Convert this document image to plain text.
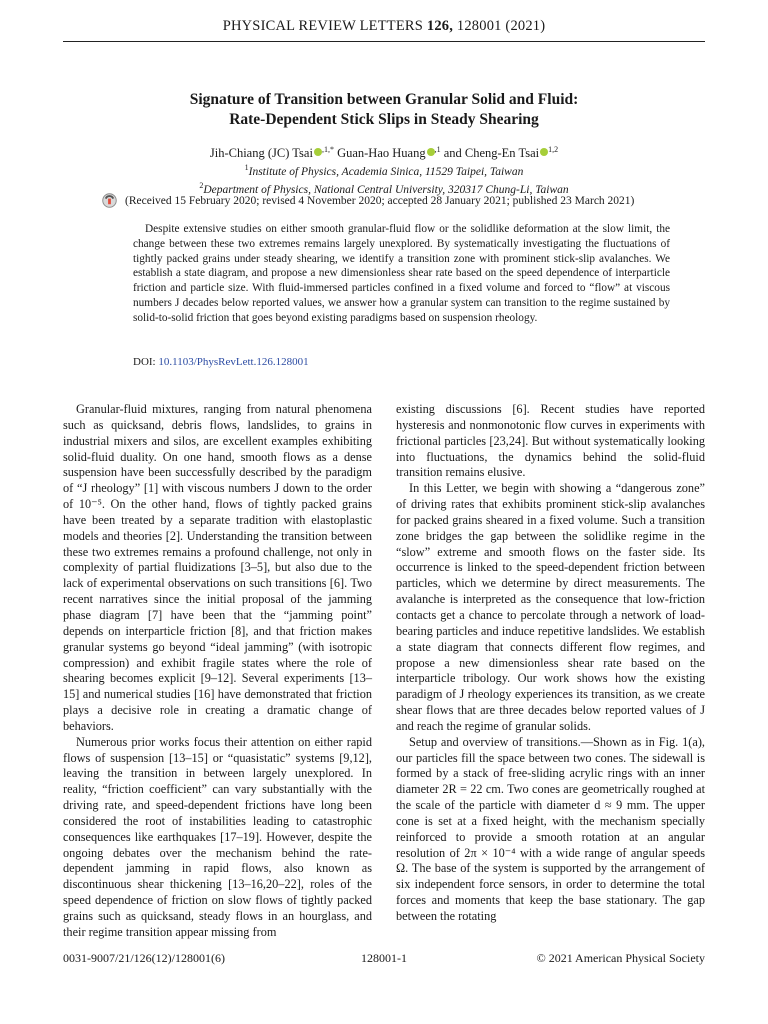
PHYSICAL REVIEW LETTERS 126, 128001 (2021)
Signature of Transition between Granular Solid and Fluid:
Rate-Dependent Stick Slips in Steady Shearing
Jih-Chiang (JC) Tsai $^{,1,*}$ Guan-Hao Huang $^{,1}$ and Cheng-En Tsai $^{1,2}$
$^1$Institute of Physics, Academia Sinica, 11529 Taipei, Taiwan
$^2$Department of Physics, National Central University, 320317 Chung-Li, Taiwan
(Received 15 February 2020; revised 4 November 2020; accepted 28 January 2021; published 23 March 2021)
Despite extensive studies on either smooth granular-fluid flow or the solidlike deformation at the slow limit, the change between these two extremes remains largely unexplored. By systematically investigating the fluctuations of tightly packed grains under steady shearing, we identify a transition zone with prominent stick-slip avalanches. We establish a state diagram, and propose a new dimensionless shear rate based on the speed dependence of interparticle friction and particle size. With fluid-immersed particles confined in a fixed volume and forced to “flow” at viscous numbers J decades below reported values, we answer how a granular system can transition to the regime sustained by solid-to-solid friction that goes beyond existing paradigms based on suspension rheology.
DOI: 10.1103/PhysRevLett.126.128001

Granular-fluid mixtures, ranging from natural phenomena such as quicksand, debris flows, landslides, to grains in industrial mixers and silos, are excellent examples exhibiting solid-fluid duality. On one hand, smooth flows as a dense suspension have been successfully described by the paradigm of “J rheology” [1] with viscous numbers J down to the order of 10⁻⁵. On the other hand, flows of tightly packed grains have been treated by a separate tradition with elastoplastic models and theories [2]. Understanding the transition between these two extremes remains a profound challenge, not only in complexity of partial fluidizations [3–5], but also due to the lack of experimental observations on such transitions [6]. Two recent narratives since the initial proposal of the jamming phase diagram [7] have been that the “jamming point” depends on interparticle friction [8], and that friction makes granular systems go beyond “ideal jamming” (with isotropic compression) and exhibit fragile states where the role of shearing becomes explicit [9–12]. Several experiments [13–15] and numerical studies [16] have demonstrated that friction plays a decisive role in creating a dramatic change of behaviors.

Numerous prior works focus their attention on either rapid flows of suspension [13–15] or “quasistatic” systems [9,12], leaving the transition in between largely unexplored. In reality, “friction coefficient” can vary substantially with the driving rate, and speed-dependent frictions have long been considered the root of instabilities leading to catastrophic consequences like earthquakes [17–19]. However, despite the ongoing debates over the mechanism behind the rate-dependent jamming in rapid flows, also known as discontinuous shear thickening [13–16,20–22], roles of the speed dependence of friction on slow flows of tightly packed grains such as quicksand, steady flows in an hourglass, and their regime transition appear missing from

existing discussions [6]. Recent studies have reported hysteresis and nonmonotonic flow curves in experiments with frictional particles [23,24]. But without systematically looking into fluctuations, the dynamics behind the solid-fluid transition remains elusive.

In this Letter, we begin with showing a “dangerous zone” of driving rates that exhibits prominent stick-slip avalanches for packed grains sheared in a fixed volume. Such a transition zone bridges the gap between the solidlike regime in the “slow” extreme and smooth flows on the faster side. Its occurrence is linked to the speed-dependent friction between particles, which we determine by direct measurements. The avalanche is interpreted as the consequence that low-friction contacts get a chance to percolate through a network of load-bearing particles and induce repetitive landslides. We establish a state diagram that connects different flow regimes, and propose a new dimensionless shear rate based on the interparticle tribology. Our work shows how the existing paradigm of J rheology experiences its transition, as we create shear flows that are three decades below reported values of J and reach the regime of granular solids.

Setup and overview of transitions.—Shown as in Fig. 1(a), our particles fill the space between two cones. The sidewall is formed by a stack of free-sliding acrylic rings with an inner diameter 2R = 22 cm. Two cones are geometrically roughed at the scale of the particle with diameter d ≈ 9 mm. The upper cone is set at a fixed height, with the mechanism specially reinforced to provide a smooth rotation at an angular resolution of 2π × 10⁻⁴ with a wide range of angular speeds Ω. The base of the system is supported by the arrangement of six independent force sensors, in order to determine the total forces and moments that keep the base stationary. The gap between the rotating

0031-9007/21/126(12)/128001(6)	128001-1	© 2021 American Physical Society
